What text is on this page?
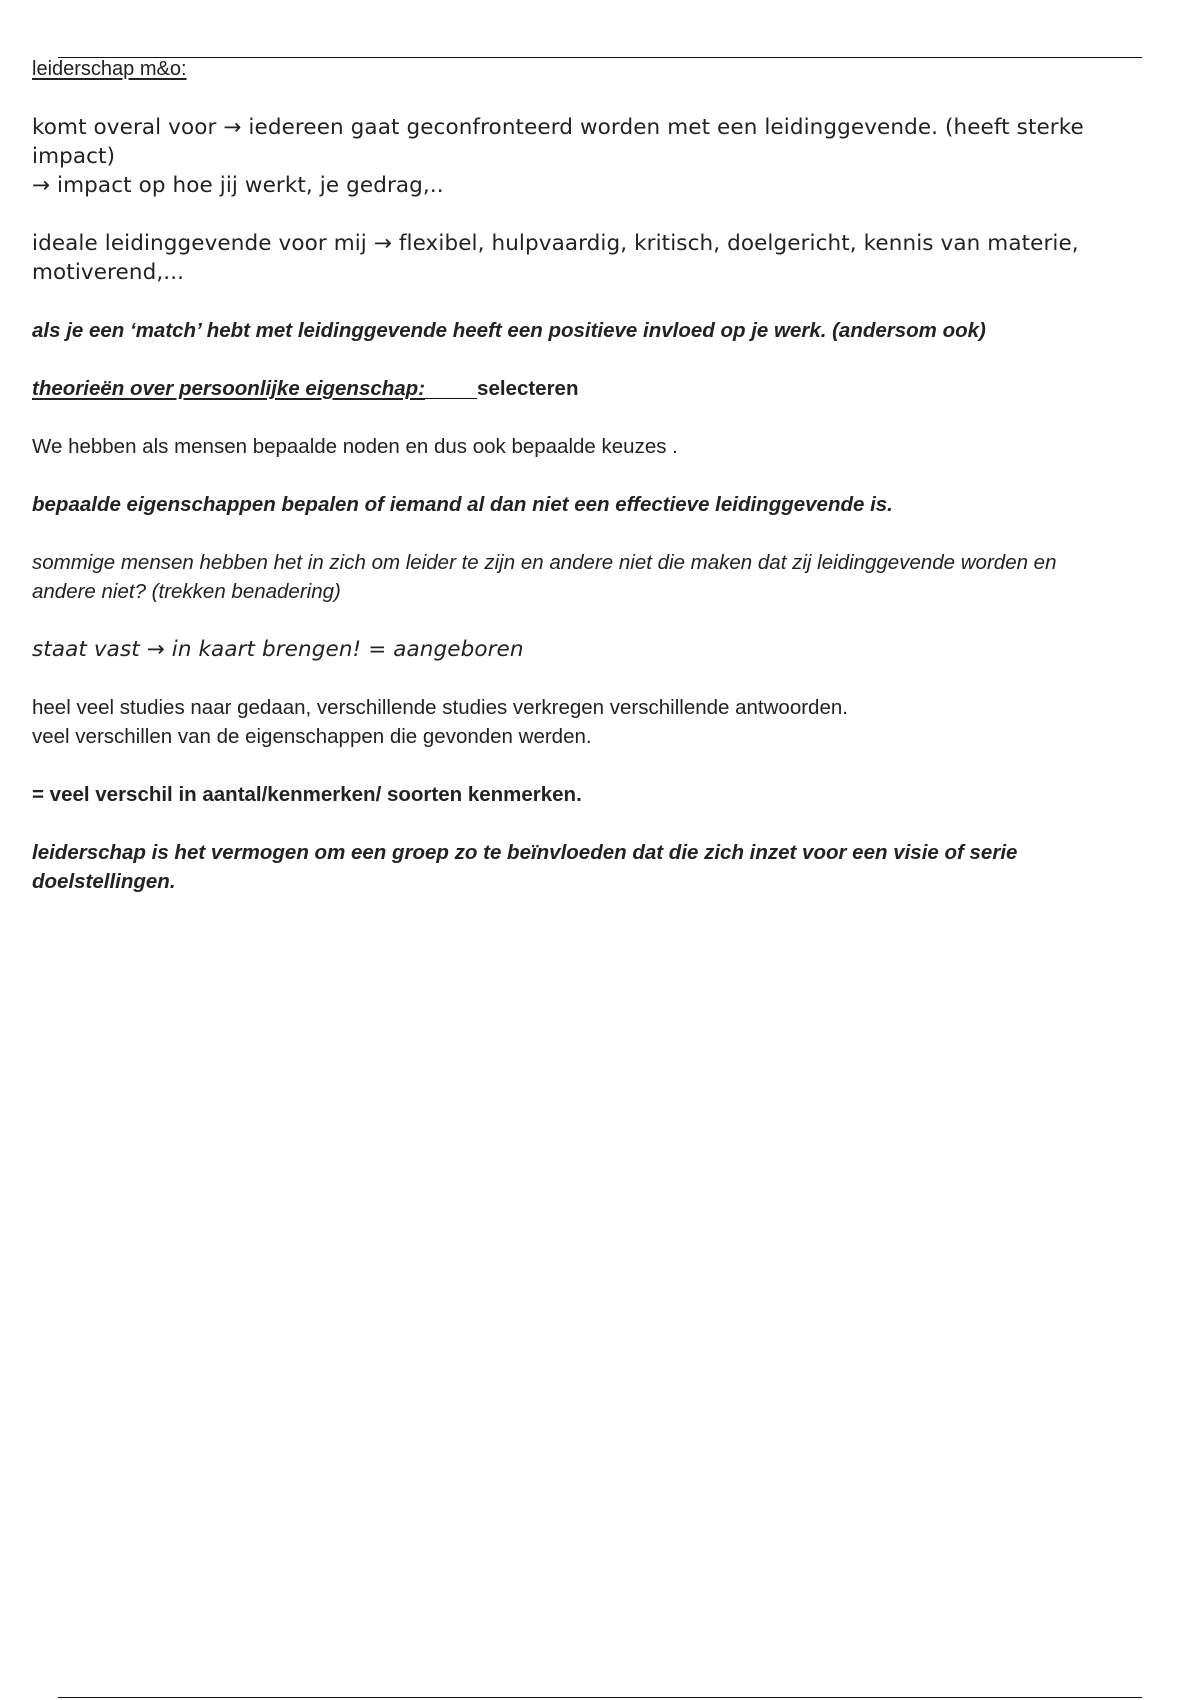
leiderschap m&o:

komt overal voor → iedereen gaat geconfronteerd worden met een leidinggevende. (heeft sterke

impact)

→ impact op hoe jij werkt, je gedrag,..

ideale leidinggevende voor mij → flexibel, hulpvaardig, kritisch, doelgericht, kennis van materie,

motiverend,...

als je een ‘match’ hebt met leidinggevende heeft een positieve invloed op je werk. (andersom ook)

theorieën over persoonlijke eigenschap:	selecteren

We hebben als mensen bepaalde noden en dus ook bepaalde keuzes .

bepaalde eigenschappen bepalen of iemand al dan niet een effectieve leidinggevende is.

sommige mensen hebben het in zich om leider te zijn en andere niet die maken dat zij leidinggevende worden en

andere niet? (trekken benadering)

staat vast → in kaart brengen! = aangeboren

heel veel studies naar gedaan, verschillende studies verkregen verschillende antwoorden.

veel verschillen van de eigenschappen die gevonden werden.

= veel verschil in aantal/kenmerken/ soorten kenmerken.

leiderschap is het vermogen om een groep zo te beïnvloeden dat die zich inzet voor een visie of serie

doelstellingen.
